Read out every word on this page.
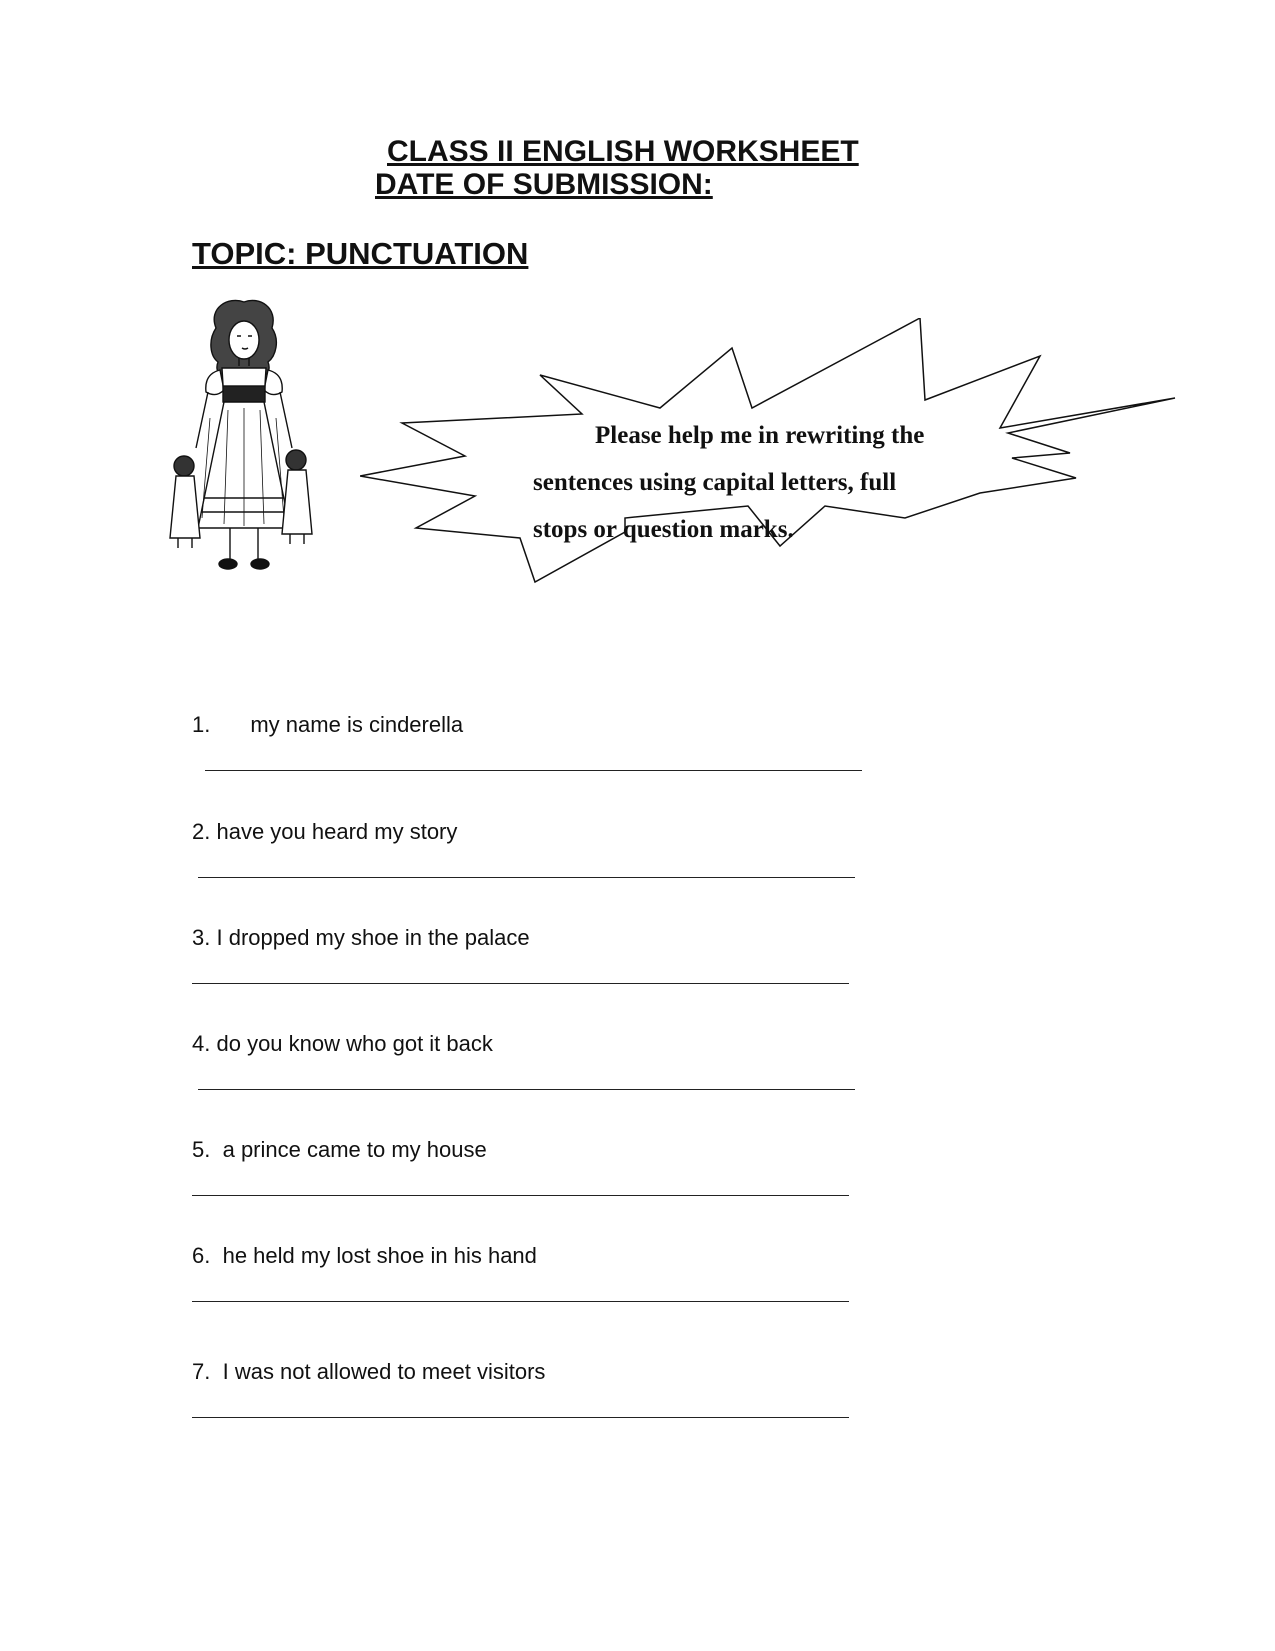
CLASS II ENGLISH WORKSHEET
DATE OF SUBMISSION:
TOPIC: PUNCTUATION
Please help me in rewriting the
sentences using capital letters, full
stops or question marks.
1. my name is cinderella
2. have you heard my story
3. I dropped my shoe in the palace
4. do you know who got it back
5. a prince came to my house
6. he held my lost shoe in his hand
7. I was not allowed to meet visitors
